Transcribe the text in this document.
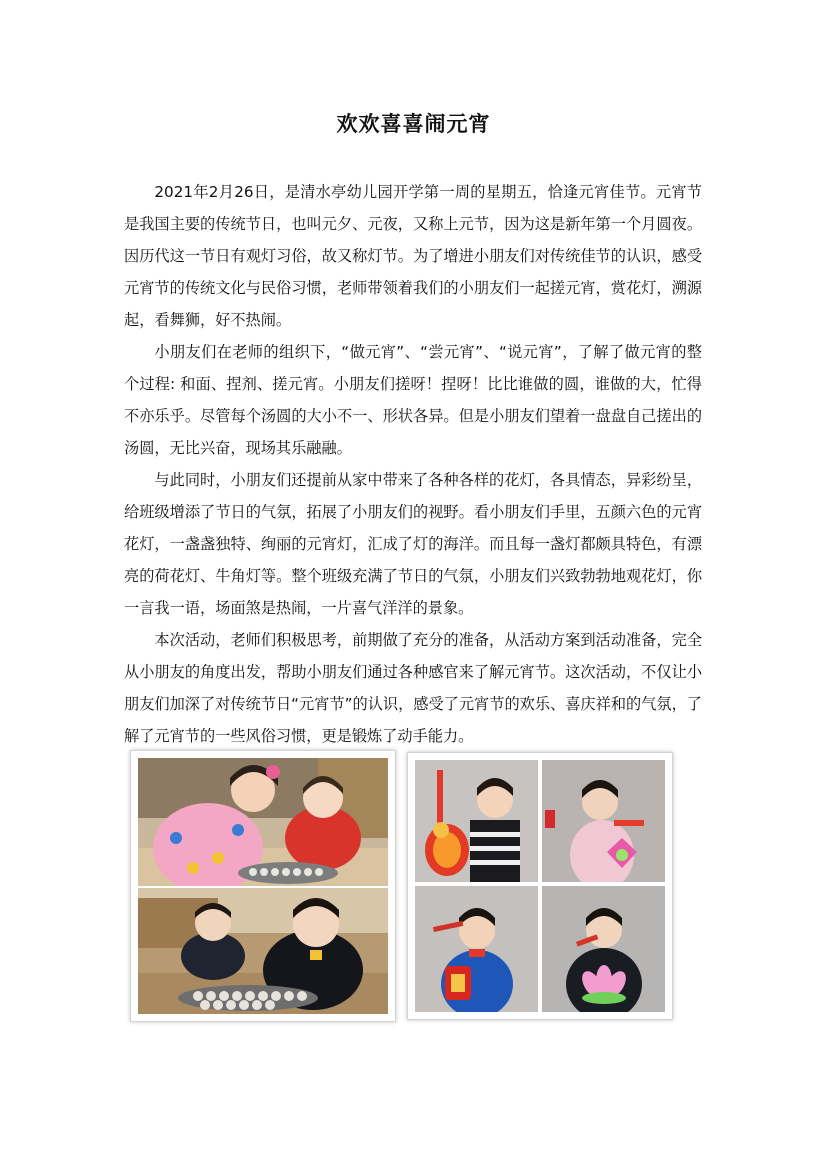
欢欢喜喜闹元宵

2021年2月26日，是清水亭幼儿园开学第一周的星期五，恰逢元宵佳节。元宵节是我国主要的传统节日，也叫元夕、元夜，又称上元节，因为这是新年第一个月圆夜。因历代这一节日有观灯习俗，故又称灯节。为了增进小朋友们对传统佳节的认识，感受元宵节的传统文化与民俗习惯，老师带领着我们的小朋友们一起搓元宵，赏花灯，溯源起，看舞狮，好不热闹。

小朋友们在老师的组织下，“做元宵”、“尝元宵”、“说元宵”，了解了做元宵的整个过程: 和面、捏剂、搓元宵。小朋友们搓呀！捏呀！比比谁做的圆，谁做的大，忙得不亦乐乎。尽管每个汤圆的大小不一、形状各异。但是小朋友们望着一盘盘自己搓出的汤圆，无比兴奋，现场其乐融融。

与此同时，小朋友们还提前从家中带来了各种各样的花灯，各具情态，异彩纷呈，给班级增添了节日的气氛，拓展了小朋友们的视野。看小朋友们手里，五颜六色的元宵花灯，一盏盏独特、绚丽的元宵灯，汇成了灯的海洋。而且每一盏灯都颇具特色，有漂亮的荷花灯、牛角灯等。整个班级充满了节日的气氛，小朋友们兴致勃勃地观花灯，你一言我一语，场面煞是热闹，一片喜气洋洋的景象。

本次活动，老师们积极思考，前期做了充分的准备，从活动方案到活动准备，完全从小朋友的角度出发，帮助小朋友们通过各种感官来了解元宵节。这次活动，不仅让小朋友们加深了对传统节日“元宵节”的认识，感受了元宵节的欢乐、喜庆祥和的气氛，了解了元宵节的一些风俗习惯，更是锻炼了动手能力。
